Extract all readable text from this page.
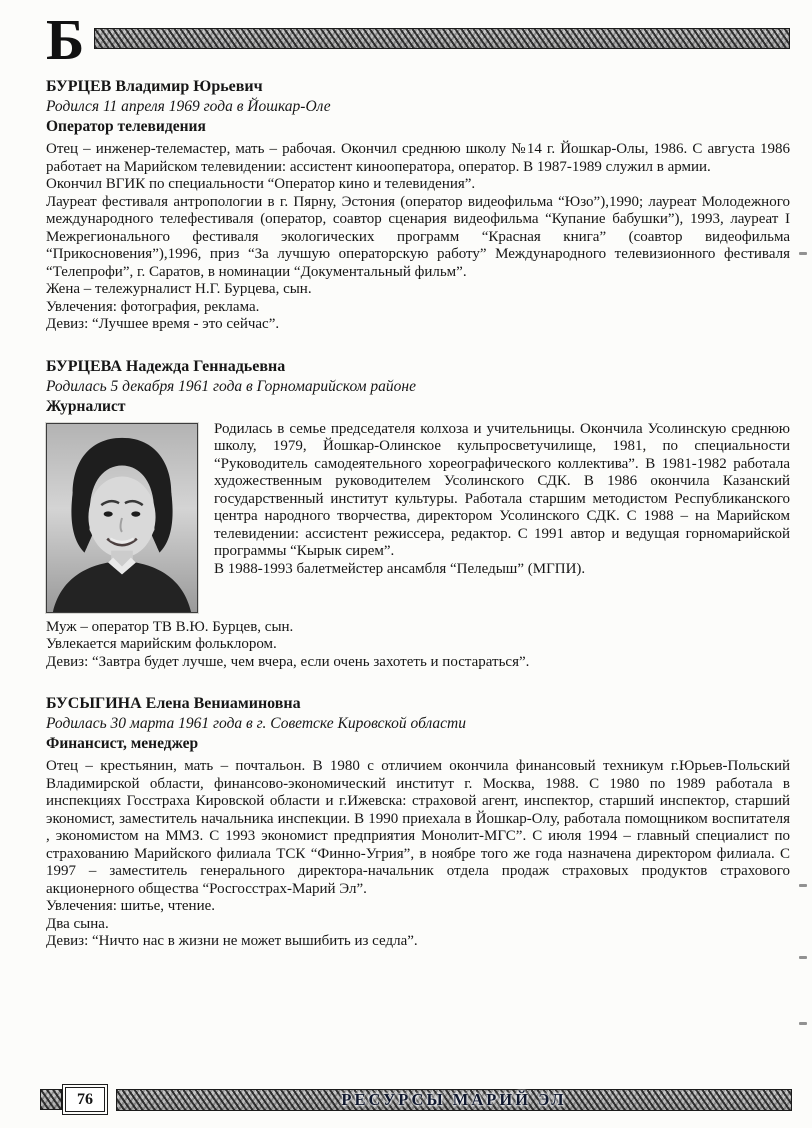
Б
БУРЦЕВ Владимир Юрьевич

Родился 11 апреля 1969 года в Йошкар-Оле

Оператор телевидения

Отец – инженер-телемастер, мать – рабочая. Окончил среднюю школу №14 г. Йошкар-Олы, 1986. С августа 1986 работает на Марийском телевидении: ассистент кинооператора, оператор. В 1987-1989 служил в армии.

Окончил ВГИК по специальности “Оператор кино и телевидения”.

Лауреат фестиваля антропологии в г. Пярну, Эстония (оператор видеофильма “Юзо”),1990; лауреат Молодежного международного телефестиваля (оператор, соавтор сценария видеофильма “Купание бабушки”), 1993, лауреат I Межрегионального фестиваля экологических программ “Красная книга” (соавтор видеофильма “Прикосновения”),1996, приз “За лучшую операторскую работу” Международного телевизионного фестиваля “Телепрофи”, г. Саратов, в номинации “Документальный фильм”.

Жена – тележурналист Н.Г. Бурцева, сын.

Увлечения: фотография, реклама.

Девиз: “Лучшее время - это сейчас”.

БУРЦЕВА Надежда Геннадьевна

Родилась 5 декабря 1961 года в Горномарийском районе

Журналист

Родилась в семье председателя колхоза и учительницы. Окончила Усолинскую среднюю школу, 1979, Йошкар-Олинское кульпросветучилище, 1981, по специальности “Руководитель самодеятельного хореографического коллектива”. В 1981-1982 работала художественным руководителем Усолинского СДК. В 1986 окончила Казанский государственный институт культуры. Работала старшим методистом Республиканского центра народного творчества, директором Усолинского СДК. С 1988 – на Марийском телевидении: ассистент режиссера, редактор. С 1991 автор и ведущая горномарийской программы “Кырык сирем”.

В 1988-1993 балетмейстер ансамбля “Пеледыш” (МГПИ).

Муж – оператор ТВ В.Ю. Бурцев, сын.

Увлекается марийским фольклором.

Девиз: “Завтра будет лучше, чем вчера, если очень захотеть и постараться”.

БУСЫГИНА Елена Вениаминовна

Родилась 30 марта 1961 года в г. Советске Кировской области

Финансист, менеджер

Отец – крестьянин, мать – почтальон. В 1980 с отличием окончила финансовый техникум г.Юрьев-Польский Владимирской области, финансово-экономический институт г. Москва, 1988. С 1980 по 1989 работала в инспекциях Госстраха Кировской области и г.Ижевска: страховой агент, инспектор, старший инспектор, старший экономист, заместитель начальника инспекции. В 1990 приехала в Йошкар-Олу, работала помощником воспитателя , экономистом на ММЗ. С 1993 экономист предприятия Монолит-МГС”. С июля 1994 – главный специалист по страхованию Марийского филиала ТСК “Финно-Угрия”, в ноябре того же года назначена директором филиала. С 1997 – заместитель генерального директора-начальник отдела продаж страховых продуктов страхового акционерного общества “Росгосстрах-Марий Эл”.

Увлечения: шитье, чтение.

Два сына.

Девиз: “Ничто нас в жизни не может вышибить из седла”.

76	РЕСУРСЫ МАРИЙ ЭЛ
